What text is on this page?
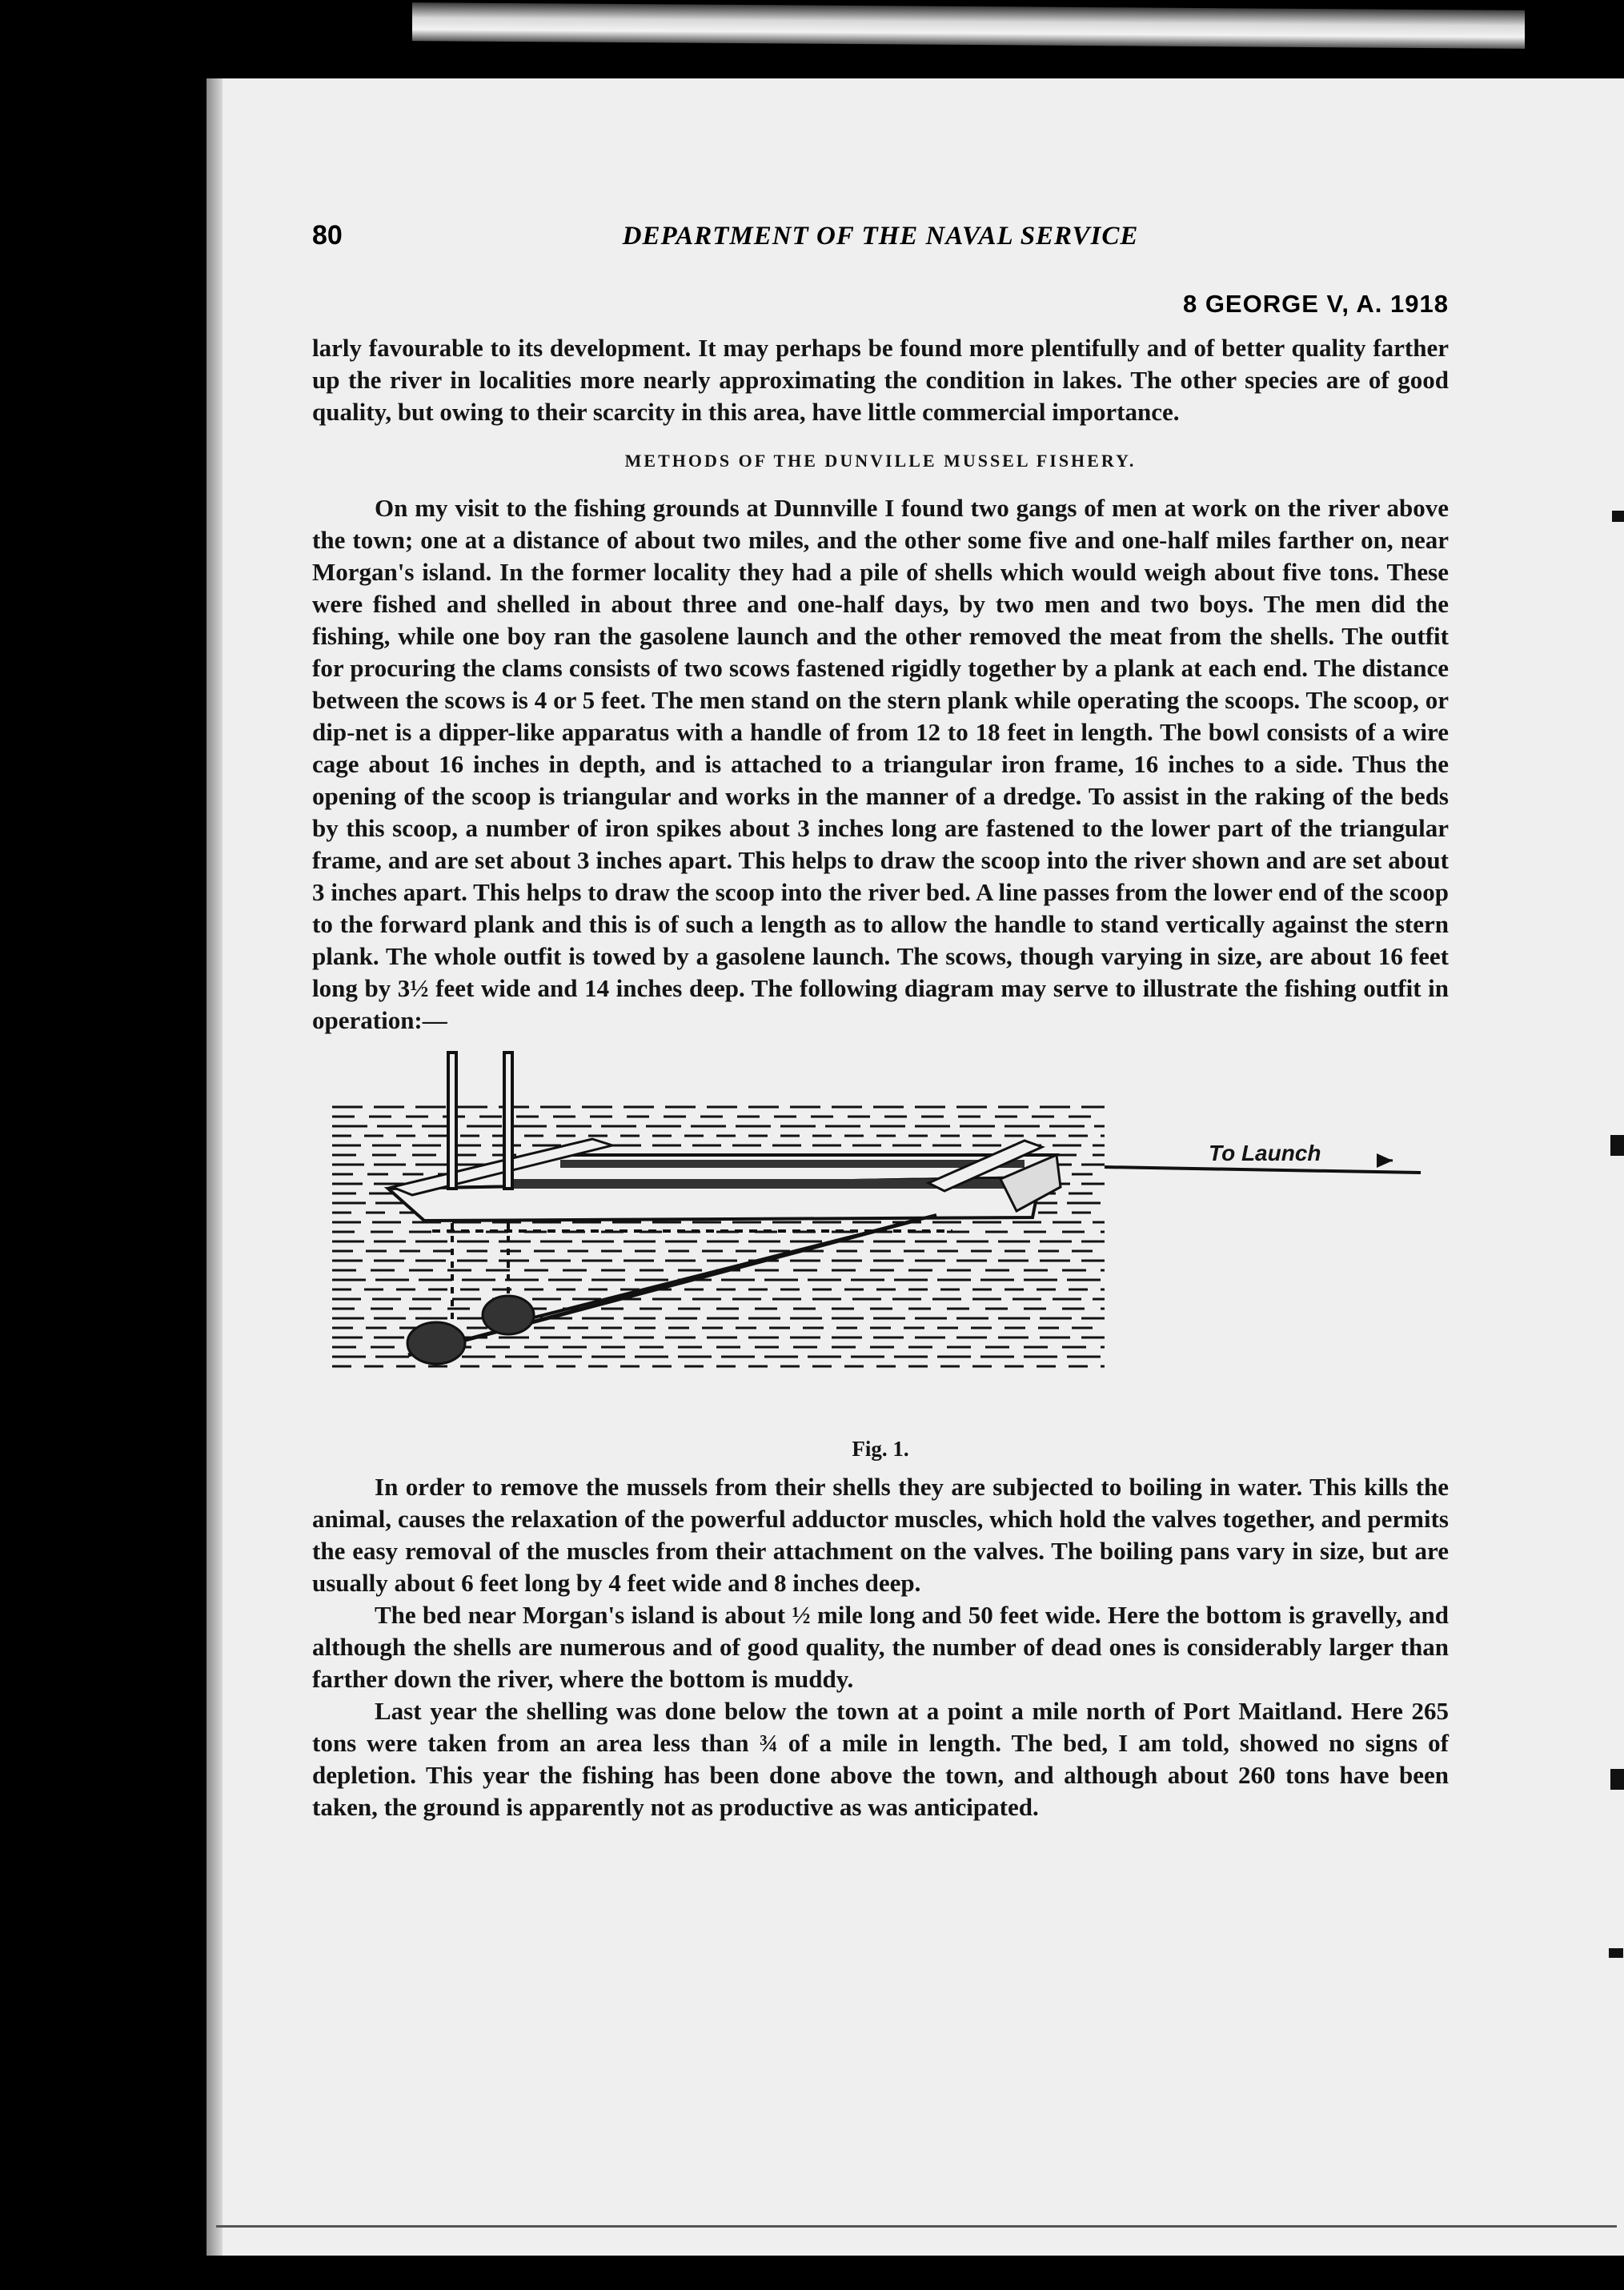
80	DEPARTMENT OF THE NAVAL SERVICE
8 GEORGE V, A. 1918

larly favourable to its development. It may perhaps be found more plentifully and of better quality farther up the river in localities more nearly approximating the condition in lakes. The other species are of good quality, but owing to their scarcity in this area, have little commercial importance.

METHODS OF THE DUNVILLE MUSSEL FISHERY.

On my visit to the fishing grounds at Dunnville I found two gangs of men at work on the river above the town; one at a distance of about two miles, and the other some five and one-half miles farther on, near Morgan's island. In the former locality they had a pile of shells which would weigh about five tons. These were fished and shelled in about three and one-half days, by two men and two boys. The men did the fishing, while one boy ran the gasolene launch and the other removed the meat from the shells. The outfit for procuring the clams consists of two scows fastened rigidly together by a plank at each end. The distance between the scows is 4 or 5 feet. The men stand on the stern plank while operating the scoops. The scoop, or dip-net is a dipper-like apparatus with a handle of from 12 to 18 feet in length. The bowl consists of a wire cage about 16 inches in depth, and is attached to a triangular iron frame, 16 inches to a side. Thus the opening of the scoop is triangular and works in the manner of a dredge. To assist in the raking of the beds by this scoop, a number of iron spikes about 3 inches long are fastened to the lower part of the triangular frame, and are set about 3 inches apart. This helps to draw the scoop into the river shown and are set about 3 inches apart. This helps to draw the scoop into the river bed. A line passes from the lower end of the scoop to the forward plank and this is of such a length as to allow the handle to stand vertically against the stern plank. The whole outfit is towed by a gasolene launch. The scows, though varying in size, are about 16 feet long by 3½ feet wide and 14 inches deep. The following diagram may serve to illustrate the fishing outfit in operation:—

To Launch
Fig. 1.

In order to remove the mussels from their shells they are subjected to boiling in water. This kills the animal, causes the relaxation of the powerful adductor muscles, which hold the valves together, and permits the easy removal of the muscles from their attachment on the valves. The boiling pans vary in size, but are usually about 6 feet long by 4 feet wide and 8 inches deep.

The bed near Morgan's island is about ½ mile long and 50 feet wide. Here the bottom is gravelly, and although the shells are numerous and of good quality, the number of dead ones is considerably larger than farther down the river, where the bottom is muddy.

Last year the shelling was done below the town at a point a mile north of Port Maitland. Here 265 tons were taken from an area less than ¾ of a mile in length. The bed, I am told, showed no signs of depletion. This year the fishing has been done above the town, and although about 260 tons have been taken, the ground is apparently not as productive as was anticipated.
